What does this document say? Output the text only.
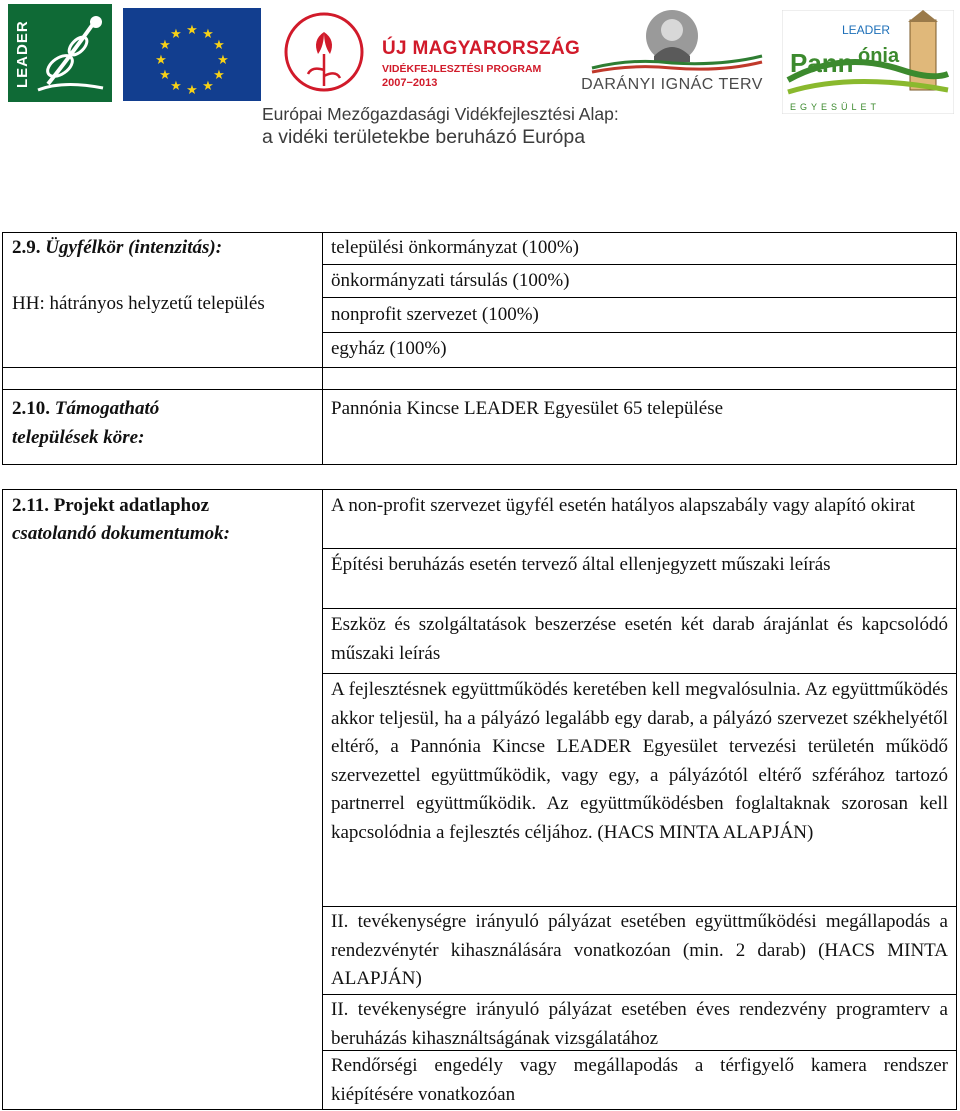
LEADER	★ ★
★
★
★
★
★
★
★
★
★
★
ÚJ MAGYARORSZÁG
VIDÉKFEJLESZTÉSI PROGRAM
2007−2013	DARÁNYI IGNÁC TERV
Pann ónia
LEADER
EGYESÜLET
Európai Mezőgazdasági Vidékfejlesztési Alap:
a vidéki területekbe beruházó Európa
2.9. Ügyfélkör (intenzitás):
HH: hátrányos helyzetű település
települési önkormányzat (100%)
önkormányzati társulás (100%)
nonprofit szervezet (100%)
egyház (100%)
2.10. Támogatható
települések köre:
Pannónia Kincse LEADER Egyesület 65 települése
2.11. Projekt adatlaphoz
csatolandó dokumentumok:
A non-profit szervezet ügyfél esetén hatályos alapszabály vagy alapító okirat
Építési beruházás esetén tervező által ellenjegyzett műszaki leírás
Eszköz és szolgáltatások beszerzése esetén két darab árajánlat és kapcsolódó műszaki leírás
A fejlesztésnek együttműködés keretében kell megvalósulnia. Az együttműködés akkor teljesül, ha a pályázó legalább egy darab, a pályázó szervezet székhelyétől eltérő, a Pannónia Kincse LEADER Egyesület tervezési területén működő szervezettel együttműködik, vagy egy, a pályázótól eltérő szférához tartozó partnerrel együttműködik. Az együttműködésben foglaltaknak szorosan kell kapcsolódnia a fejlesztés céljához. (HACS MINTA ALAPJÁN)
II. tevékenységre irányuló pályázat esetében együttműködési megállapodás a rendezvénytér kihasználására vonatkozóan (min. 2 darab) (HACS MINTA ALAPJÁN)
II. tevékenységre irányuló pályázat esetében éves rendezvény programterv a beruházás kihasználtságának vizsgálatához
Rendőrségi engedély vagy megállapodás a térfigyelő kamera rendszer kiépítésére vonatkozóan
